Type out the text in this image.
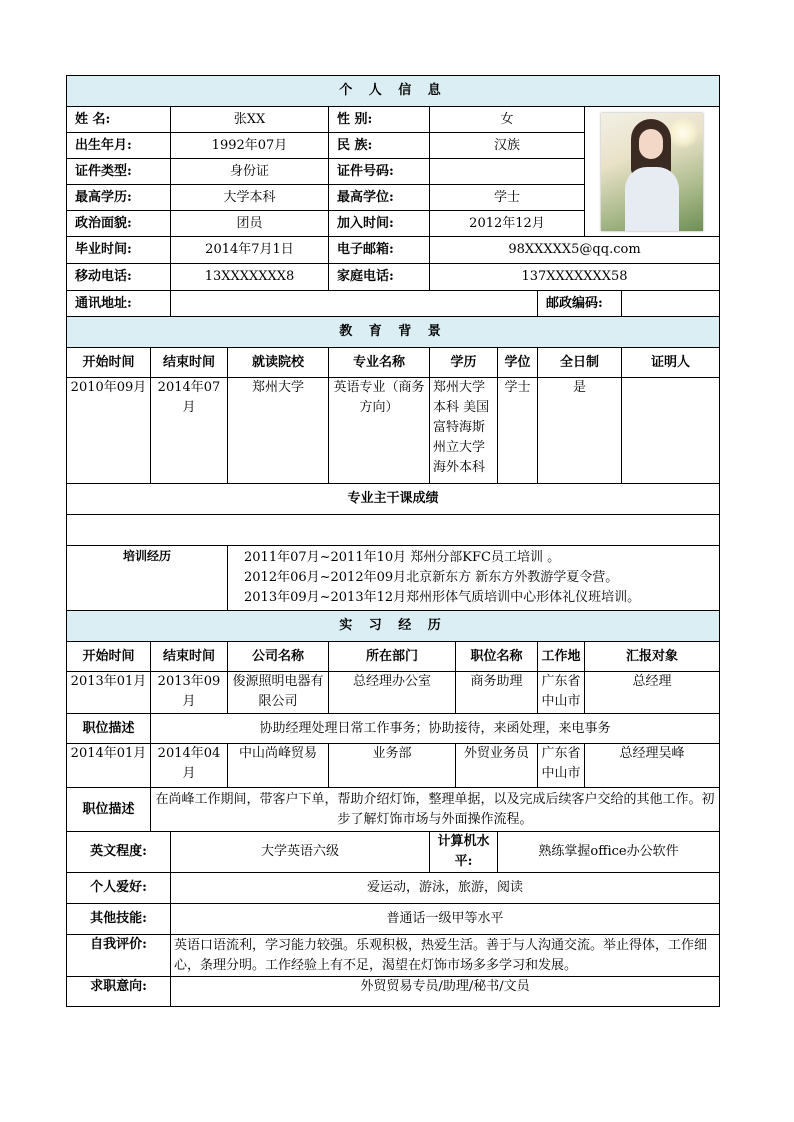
个 人 信 息										
姓 名:		张XX		性 别:	女					

出生年月:		1992年07月		民 族:	汉族					
证件类型:		身份证		证件号码:						
最高学历:		大学本科		最高学位:	学士					
政治面貌:		团员		加入时间:	2012年12月					
毕业时间:		2014年7月1日		电子邮箱:	98XXXXX5@qq.com					
移动电话:		13XXXXXXX8		家庭电话:	137XXXXXXX58					
通讯地址:								邮政编码:		
教 育 背 景										
开始时间	结束时间		就读院校	专业名称	学历		学位	全日制		证明人
2010年09月	2014年07月		郑州大学	英语专业（商务方向）	郑州大学本科 美国富特海斯州立大学海外本科		学士	是		
专业主干课成绩										

培训经历			2011年07月~2011年10月 郑州分部KFC员工培训 。
2012年06月~2012年09月北京新东方 新东方外教游学夏令营。
2013年09月~2013年12月郑州形体气质培训中心形体礼仪班培训。							

实 习 经 历										
开始时间	结束时间		公司名称	所在部门		职位名称		工作地	汇报对象	
2013年01月	2013年09月		俊源照明电器有限公司	总经理办公室		商务助理		广东省中山市	总经理	
职位描述	协助经理处理日常工作事务；协助接待，来函处理，来电事务									
2014年01月	2014年04月		中山尚峰贸易	业务部		外贸业务员		广东省中山市	总经理吴峰	
职位描述	在尚峰工作期间，带客户下单，帮助介绍灯饰，整理单据，以及完成后续客户交给的其他工作。初步了解灯饰市场与外面操作流程。									
英文程度:		大学英语六级			计算机水平:		熟练掌握office办公软件			
个人爱好:		爱运动，游泳，旅游，阅读								
其他技能:		普通话一级甲等水平								
自我评价:		英语口语流利，学习能力较强。乐观积极，热爱生活。善于与人沟通交流。举止得体，工作细心，条理分明。工作经验上有不足，渴望在灯饰市场多多学习和发展。								
求职意向:		外贸贸易专员/助理/秘书/文员								
